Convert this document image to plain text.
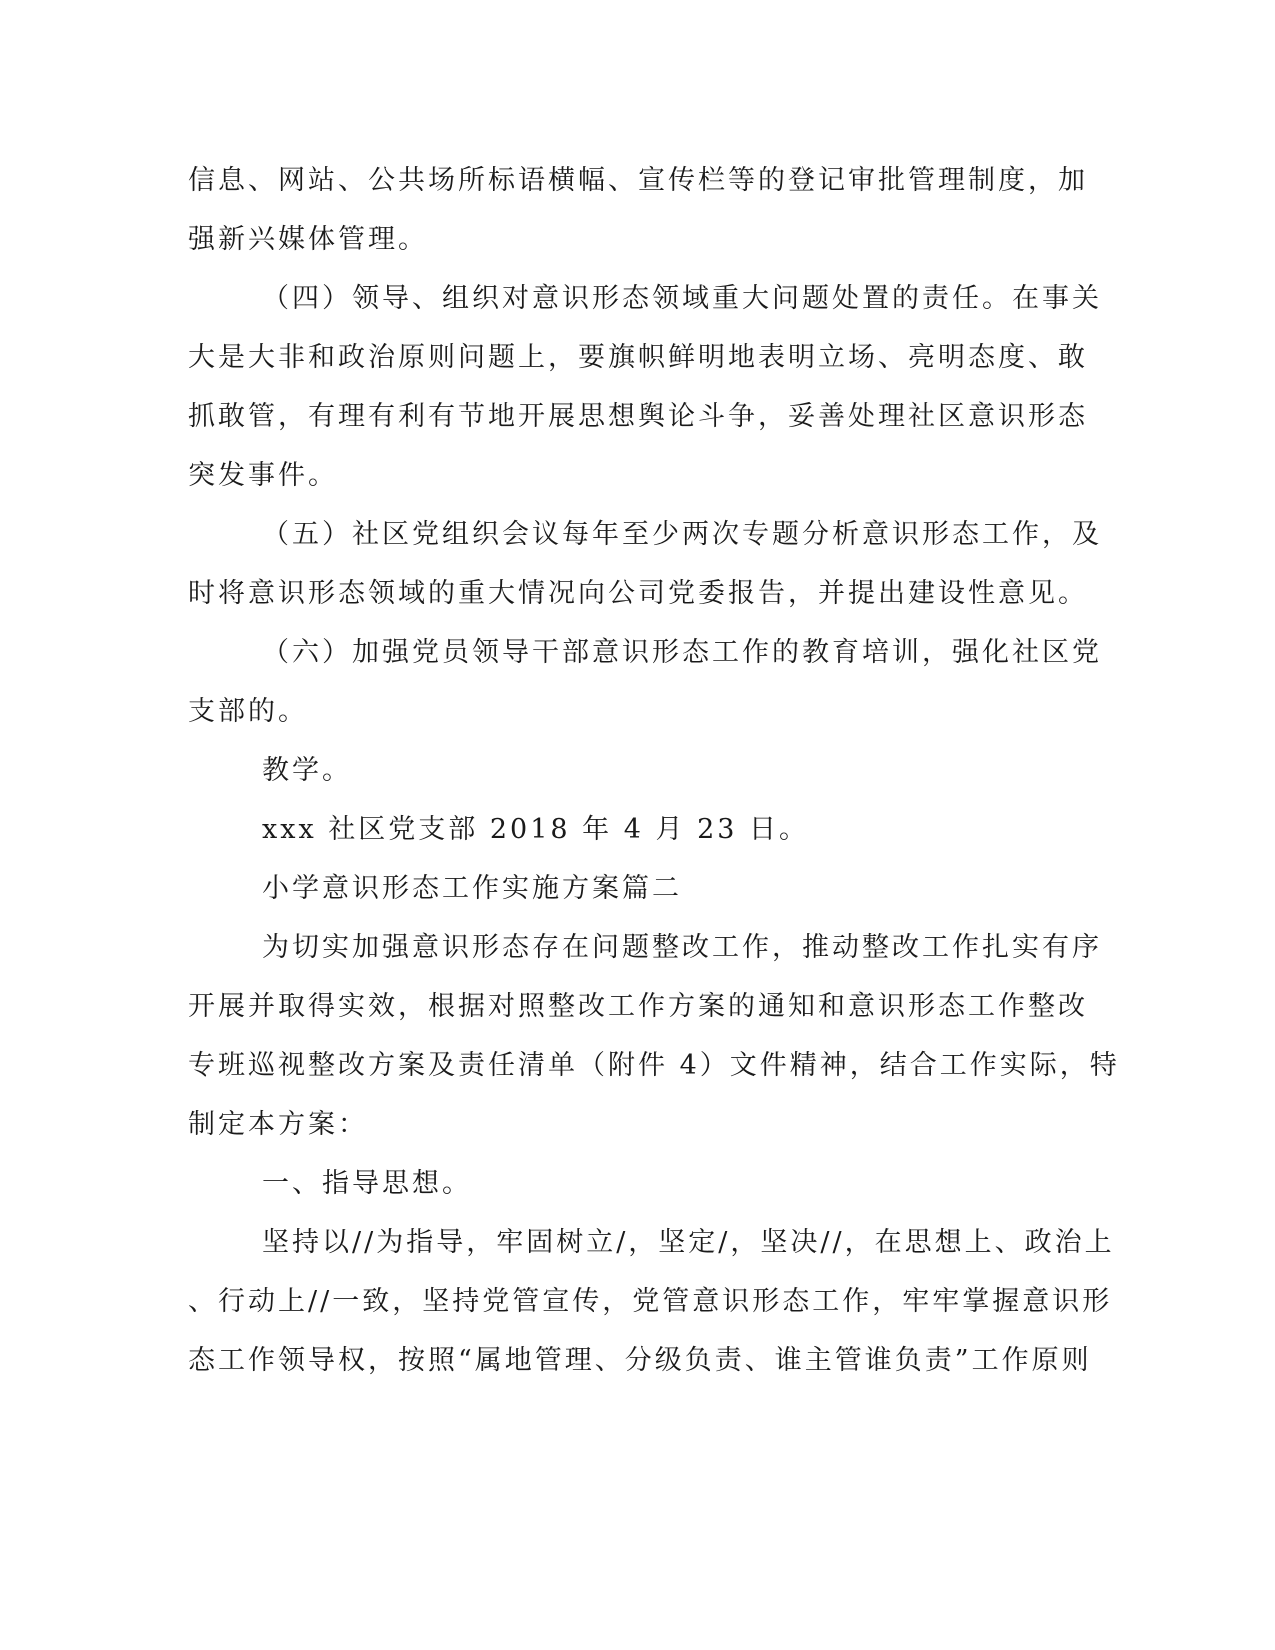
信息、网站、公共场所标语横幅、宣传栏等的登记审批管理制度，加
强新兴媒体管理。
（四）领导、组织对意识形态领域重大问题处置的责任。在事关
大是大非和政治原则问题上，要旗帜鲜明地表明立场、亮明态度、敢
抓敢管，有理有利有节地开展思想舆论斗争，妥善处理社区意识形态
突发事件。
（五）社区党组织会议每年至少两次专题分析意识形态工作，及
时将意识形态领域的重大情况向公司党委报告，并提出建设性意见。
（六）加强党员领导干部意识形态工作的教育培训，强化社区党
支部的。
教学。
xxx 社区党支部 2018 年 4 月 23 日。
小学意识形态工作实施方案篇二
为切实加强意识形态存在问题整改工作，推动整改工作扎实有序
开展并取得实效，根据对照整改工作方案的通知和意识形态工作整改
专班巡视整改方案及责任清单（附件 4）文件精神，结合工作实际，特
制定本方案：
一、指导思想。
坚持以//为指导，牢固树立/，坚定/，坚决//，在思想上、政治上
、行动上//一致，坚持党管宣传，党管意识形态工作，牢牢掌握意识形
态工作领导权，按照“属地管理、分级负责、谁主管谁负责”工作原则
